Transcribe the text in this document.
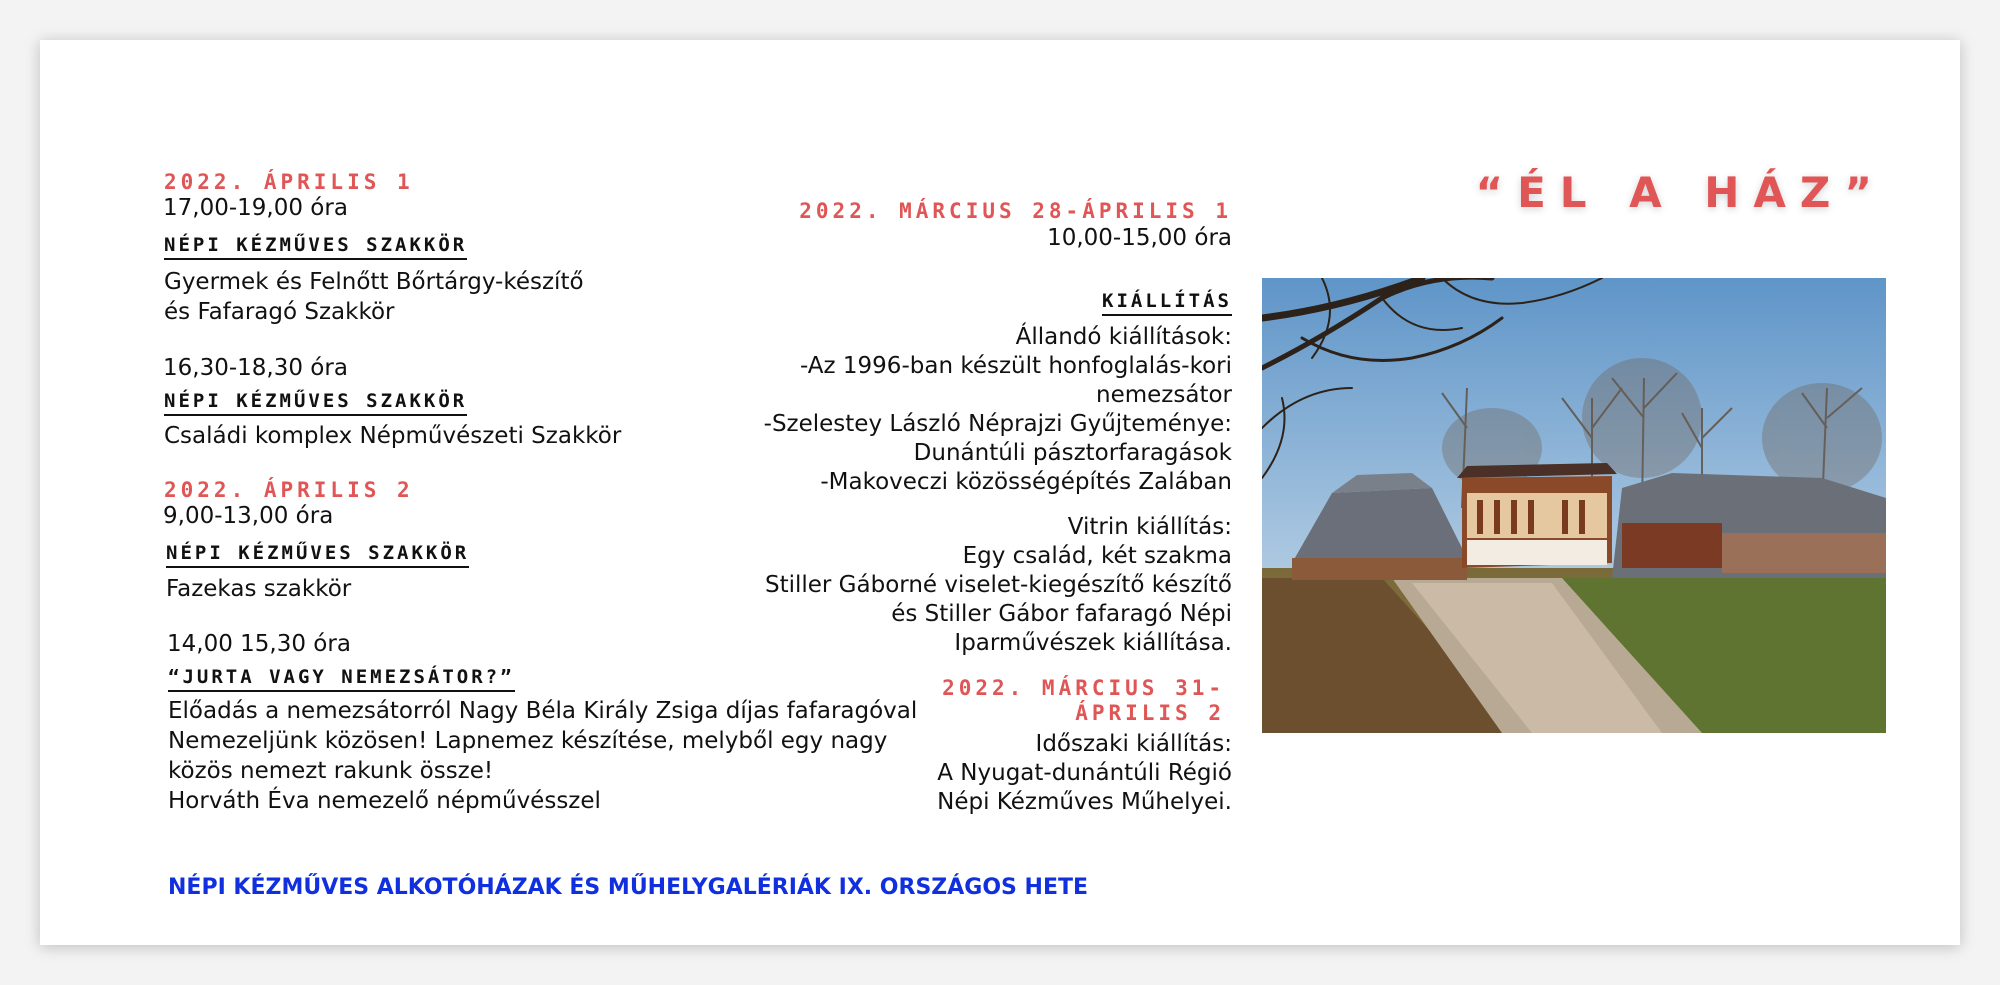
2022. ÁPRILIS 1
17,00-19,00 óra
NÉPI KÉZMŰVES SZAKKÖR
Gyermek és Felnőtt Bőrtárgy-készítő
és Fafaragó Szakkör
16,30-18,30 óra
NÉPI KÉZMŰVES SZAKKÖR
Családi komplex Népművészeti Szakkör
2022. ÁPRILIS 2
9,00-13,00 óra
NÉPI KÉZMŰVES SZAKKÖR
Fazekas szakkör
14,00 15,30 óra
“JURTA VAGY NEMEZSÁTOR?”
Előadás a nemezsátorról Nagy Béla Király Zsiga díjas fafaragóval
Nemezeljünk közösen! Lapnemez készítése, melyből egy nagy
közös nemezt rakunk össze!
Horváth Éva nemezelő népművésszel
2022. MÁRCIUS 28-ÁPRILIS 1
10,00-15,00 óra
KIÁLLÍTÁS
Állandó kiállítások:
-Az 1996-ban készült honfoglalás-kori
nemezsátor
-Szelestey László Néprajzi Gyűjteménye:
Dunántúli pásztorfaragások
-Makoveczi közösségépítés Zalában
Vitrin kiállítás:
Egy család, két szakma
Stiller Gáborné viselet-kiegészítő készítő
és Stiller Gábor fafaragó Népi
Iparművészek kiállítása.
2022. MÁRCIUS 31-
ÁPRILIS 2
Időszaki kiállítás:
A Nyugat-dunántúli Régió
Népi Kézműves Műhelyei.
“ÉL A HÁZ”
NÉPI KÉZMŰVES ALKOTÓHÁZAK ÉS MŰHELYGALÉRIÁK IX. ORSZÁGOS HETE
